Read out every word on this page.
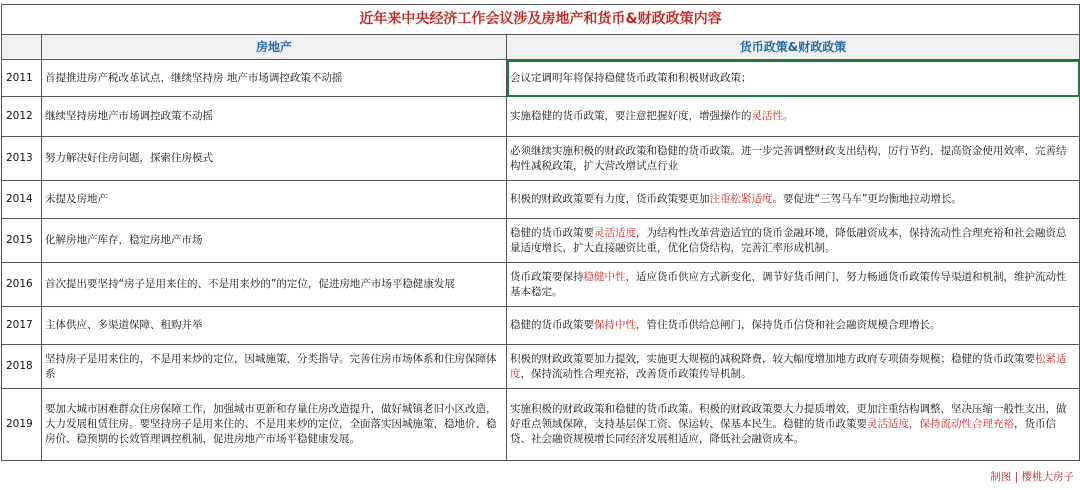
近年来中央经济工作会议涉及房地产和货币&财政政策内容		
	房地产	货币政策&财政政策
2011	首提推进房产税改革试点，继续坚持房 地产市场调控政策不动摇	会议定调明年将保持稳健货币政策和积极财政政策；
2012	继续坚持房地产市场调控政策不动摇	实施稳健的货币政策，要注意把握好度，增强操作的灵活性。
2013	努力解决好住房问题，探索住房模式	必须继续实施积极的财政政策和稳健的货币政策。进一步完善调整财政支出结构，厉行节约，提高资金使用效率，完善结构性减税政策，扩大营改增试点行业
2014	未提及房地产	积极的财政政策要有力度，货币政策要更加注重松紧适度。要促进“三驾马车”更均衡地拉动增长。
2015	化解房地产库存，稳定房地产市场	稳健的货币政策要灵活适度，为结构性改革营造适宜的货币金融环境，降低融资成本，保持流动性合理充裕和社会融资总量适度增长，扩大直接融资比重，优化信贷结构，完善汇率形成机制。
2016	首次提出要坚持“房子是用来住的、不是用来炒的”的定位，促进房地产市场平稳健康发展	货币政策要保持稳健中性，适应货币供应方式新变化，调节好货币闸门，努力畅通货币政策传导渠道和机制，维护流动性基本稳定。
2017	主体供应、多渠道保障、租购并举	稳健的货币政策要保持中性，管住货币供给总闸门，保持货币信贷和社会融资规模合理增长。
2018	坚持房子是用来住的，不是用来炒的定位，因城施策，分类指导。完善住房市场体系和住房保障体系	积极的财政政策要加力提效，实施更大规模的减税降费，较大幅度增加地方政府专项债券规模；稳健的货币政策要松紧适度，保持流动性合理充裕，改善货币政策传导机制。
2019	要加大城市困难群众住房保障工作，加强城市更新和存量住房改造提升，做好城镇老旧小区改造，大力发展租赁住房。要坚持房子是用来住的、不是用来炒的定位，全面落实因城施策，稳地价、稳房价、稳预期的长效管理调控机制，促进房地产市场平稳健康发展。	实施积极的财政政策和稳健的货币政策。积极的财政政策要大力提质增效，更加注重结构调整，坚决压缩一般性支出，做好重点领域保障，支持基层保工资、保运转、保基本民生。稳健的货币政策要灵活适度，保持流动性合理充裕，货币信贷、社会融资规模增长同经济发展相适应，降低社会融资成本。
制图 | 樱桃大房子
